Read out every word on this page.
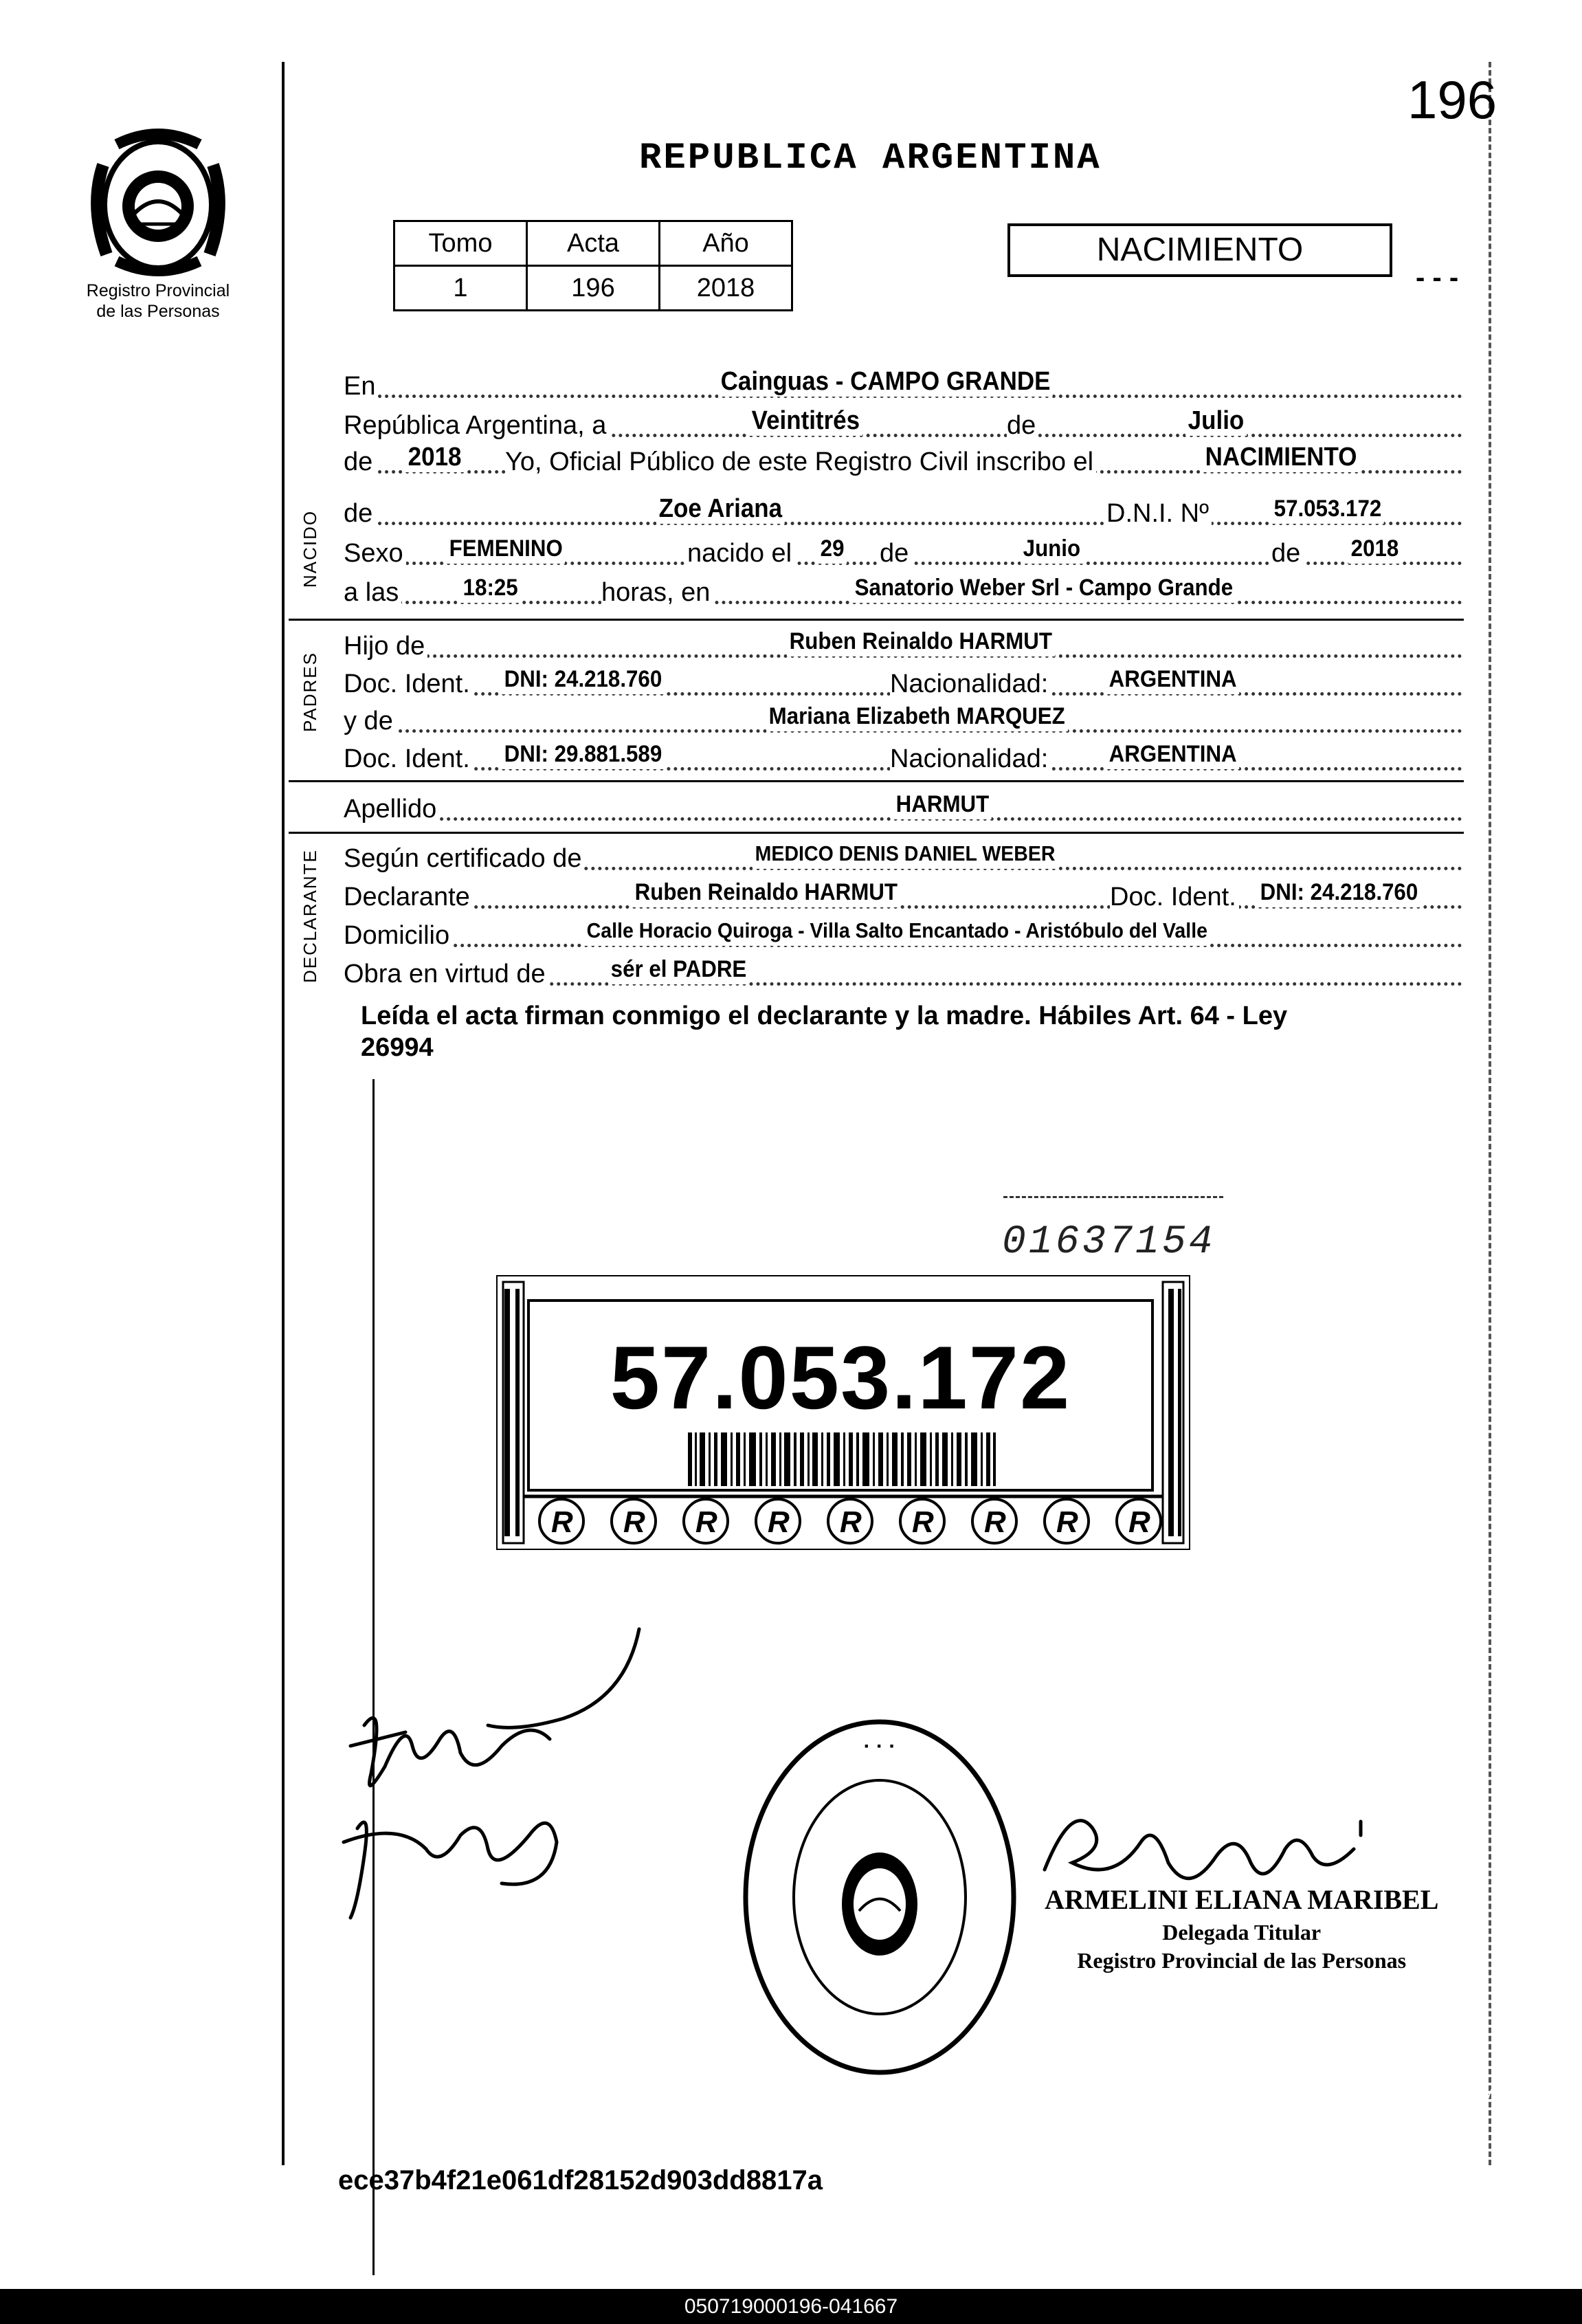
196
REPUBLICA ARGENTINA
Registro Provincial
de las Personas
Tomo	Acta	Año
1	196	2018
NACIMIENTO
- - -
En	Cainguas - CAMPO GRANDE
República Argentina, a	Veintitrés	de	Julio
de 2018 Yo, Oficial Público de este Registro Civil inscribo el	NACIMIENTO
NACIDO de	Zoe Ariana	D.N.I. Nº	57.053.172
Sexo FEMENINO	nacido el 29 de	Junio	de 2018
a las	18:25	horas, en	Sanatorio Weber Srl - Campo Grande
PADRES
Hijo de	Ruben Reinaldo HARMUT
Doc. Ident. DNI: 24.218.760	Nacionalidad:	ARGENTINA
y de	Mariana Elizabeth MARQUEZ
Doc. Ident. DNI: 29.881.589	Nacionalidad:	ARGENTINA
Apellido	HARMUT
DECLARANTE Según certificado de	MEDICO DENIS DANIEL WEBER
Declarante	Ruben Reinaldo HARMUT	Doc. Ident. DNI: 24.218.760
Domicilio	Calle Horacio Quiroga - Villa Salto Encantado - Aristóbulo del Valle
Obra en virtud de	sér el PADRE
Leída el acta firman conmigo el declarante y la madre. Hábiles Art. 64 - Ley
26994
01637154
R R R R R R R R R
57.053.172
· · ·
DIRECC. GRAL. DEL REGISTRO PROVINCIAL DE LAS PERSONAS MINISTERIO DE GOBIERNO CAMPO GRANDE
ARMELINI ELIANA MARIBEL
Delegada Titular
Registro Provincial de las Personas
ece37b4f21e061df28152d903dd8817a
050719000196-041667
